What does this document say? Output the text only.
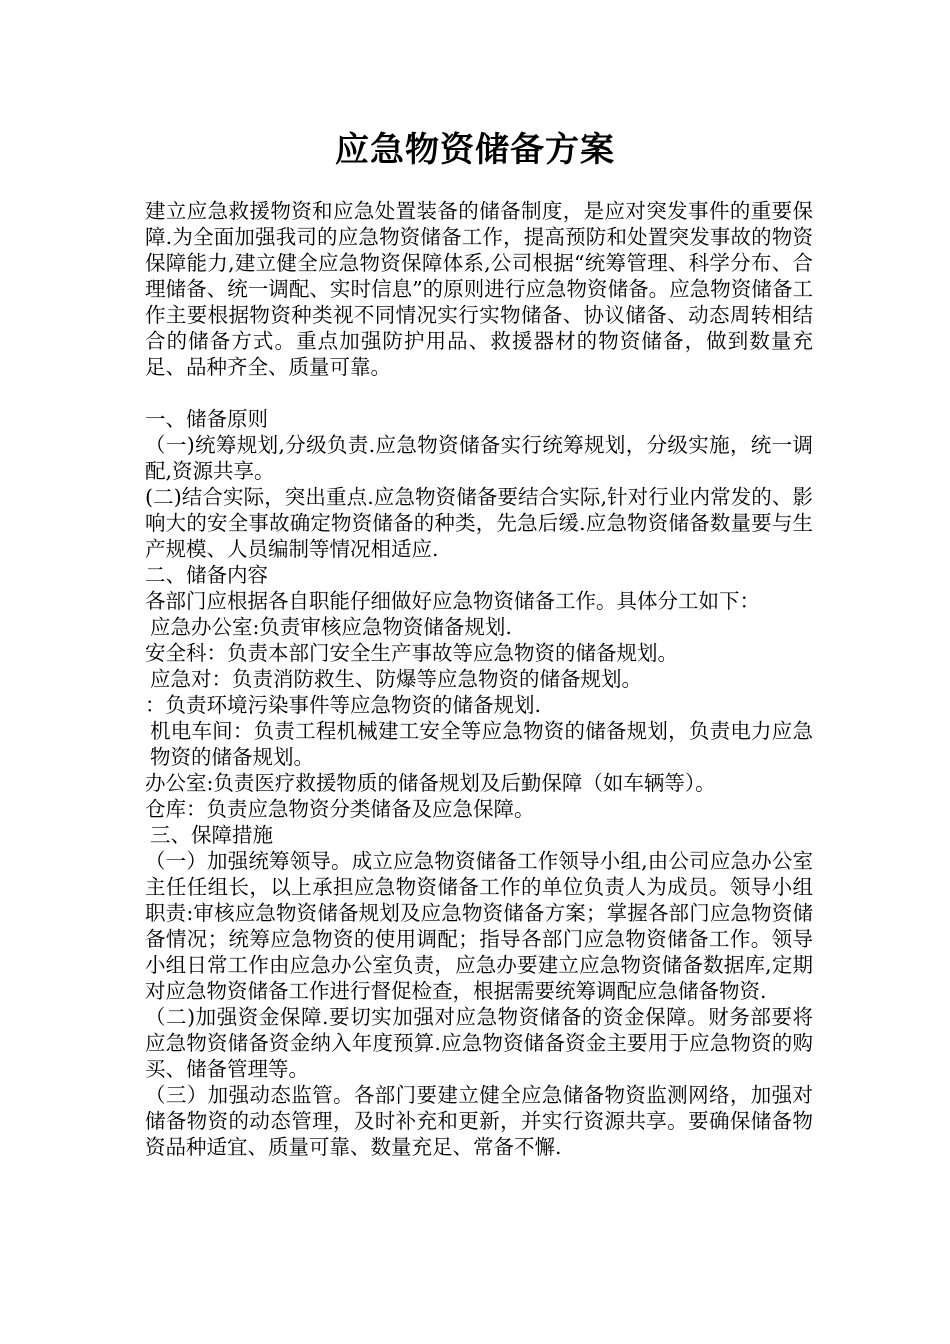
应急物资储备方案

建立应急救援物资和应急处置装备的储备制度，是应对突发事件的重要保障.为全面加强我司的应急物资储备工作，提高预防和处置突发事故的物资保障能力,建立健全应急物资保障体系,公司根据“统筹管理、科学分布、合理储备、统一调配、实时信息”的原则进行应急物资储备。应急物资储备工作主要根据物资种类视不同情况实行实物储备、协议储备、动态周转相结合的储备方式。重点加强防护用品、救援器材的物资储备，做到数量充足、品种齐全、质量可靠。

一、储备原则

（一)统筹规划,分级负责.应急物资储备实行统筹规划，分级实施，统一调配,资源共享。

(二)结合实际，突出重点.应急物资储备要结合实际,针对行业内常发的、影响大的安全事故确定物资储备的种类，先急后缓.应急物资储备数量要与生产规模、人员编制等情况相适应.

二、储备内容

各部门应根据各自职能仔细做好应急物资储备工作。具体分工如下：

应急办公室:负责审核应急物资储备规划.

安全科：负责本部门安全生产事故等应急物资的储备规划。

应急对：负责消防救生、防爆等应急物资的储备规划。

：负责环境污染事件等应急物资的储备规划.

机电车间：负责工程机械建工安全等应急物资的储备规划，负责电力应急物资的储备规划。

办公室:负责医疗救援物质的储备规划及后勤保障（如车辆等）。

仓库：负责应急物资分类储备及应急保障。

三、保障措施

（一）加强统筹领导。成立应急物资储备工作领导小组,由公司应急办公室主任任组长，以上承担应急物资储备工作的单位负责人为成员。领导小组职责:审核应急物资储备规划及应急物资储备方案；掌握各部门应急物资储备情况；统筹应急物资的使用调配；指导各部门应急物资储备工作。领导小组日常工作由应急办公室负责，应急办要建立应急物资储备数据库,定期对应急物资储备工作进行督促检查，根据需要统筹调配应急储备物资.

（二)加强资金保障.要切实加强对应急物资储备的资金保障。财务部要将应急物资储备资金纳入年度预算.应急物资储备资金主要用于应急物资的购买、储备管理等。

（三）加强动态监管。各部门要建立健全应急储备物资监测网络，加强对储备物资的动态管理，及时补充和更新，并实行资源共享。要确保储备物资品种适宜、质量可靠、数量充足、常备不懈.
